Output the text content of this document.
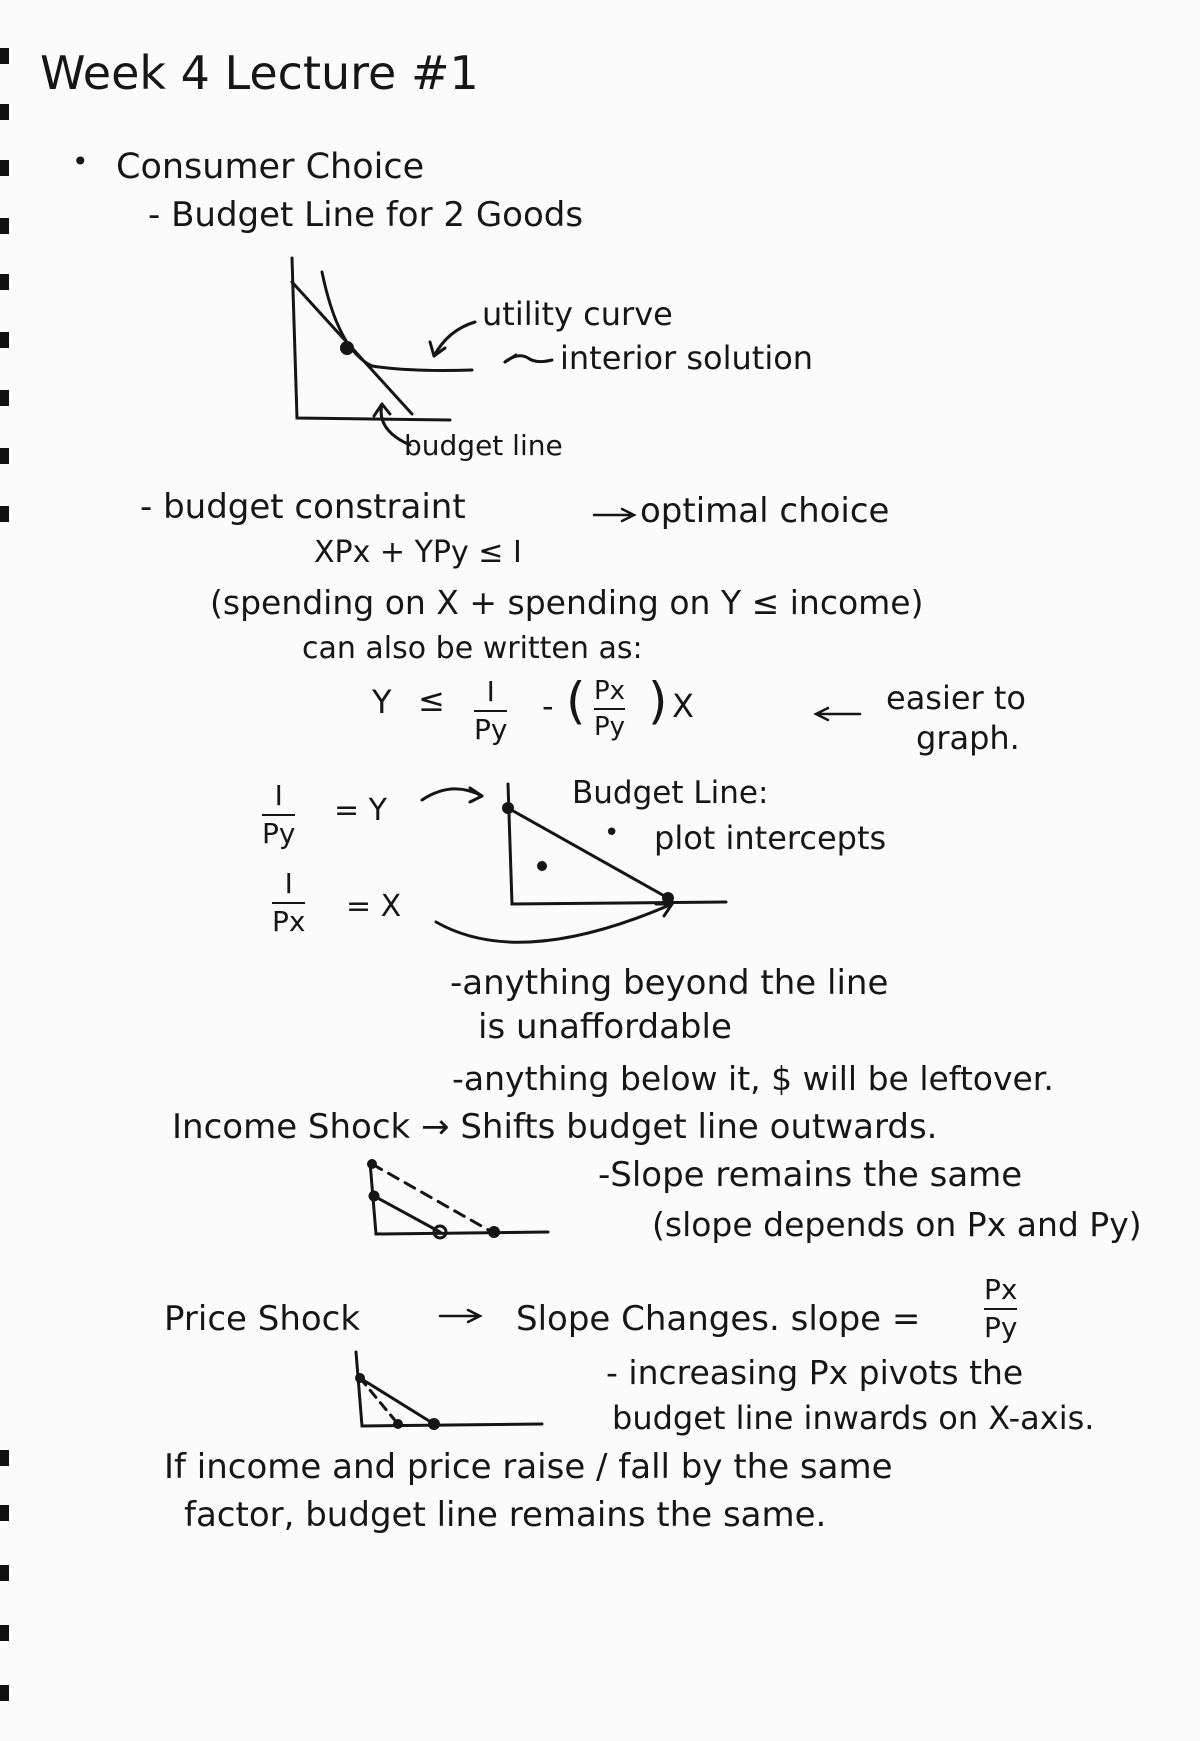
Week 4 Lecture #1
• Consumer Choice
- Budget Line for 2 Goods
utility curve
interior solution
budget line
- budget constraint	optimal choice
XPx + YPy ≤ I
(spending on X + spending on Y ≤ income)
can also be written as:
Y ≤ I
Py
- ( Px
Py ) X	easier to
graph.
I
Py
= Y
I
Px = X
Budget Line:
• plot intercepts
-anything beyond the line
is unaffordable
-anything below it, $ will be leftover.
Income Shock → Shifts budget line outwards.
-Slope remains the same
(slope depends on Px and Py)
Price Shock	Slope Changes. slope =
Px
Py
- increasing Px pivots the
budget line inwards on X-axis.
If income and price raise / fall by the same
factor, budget line remains the same.
